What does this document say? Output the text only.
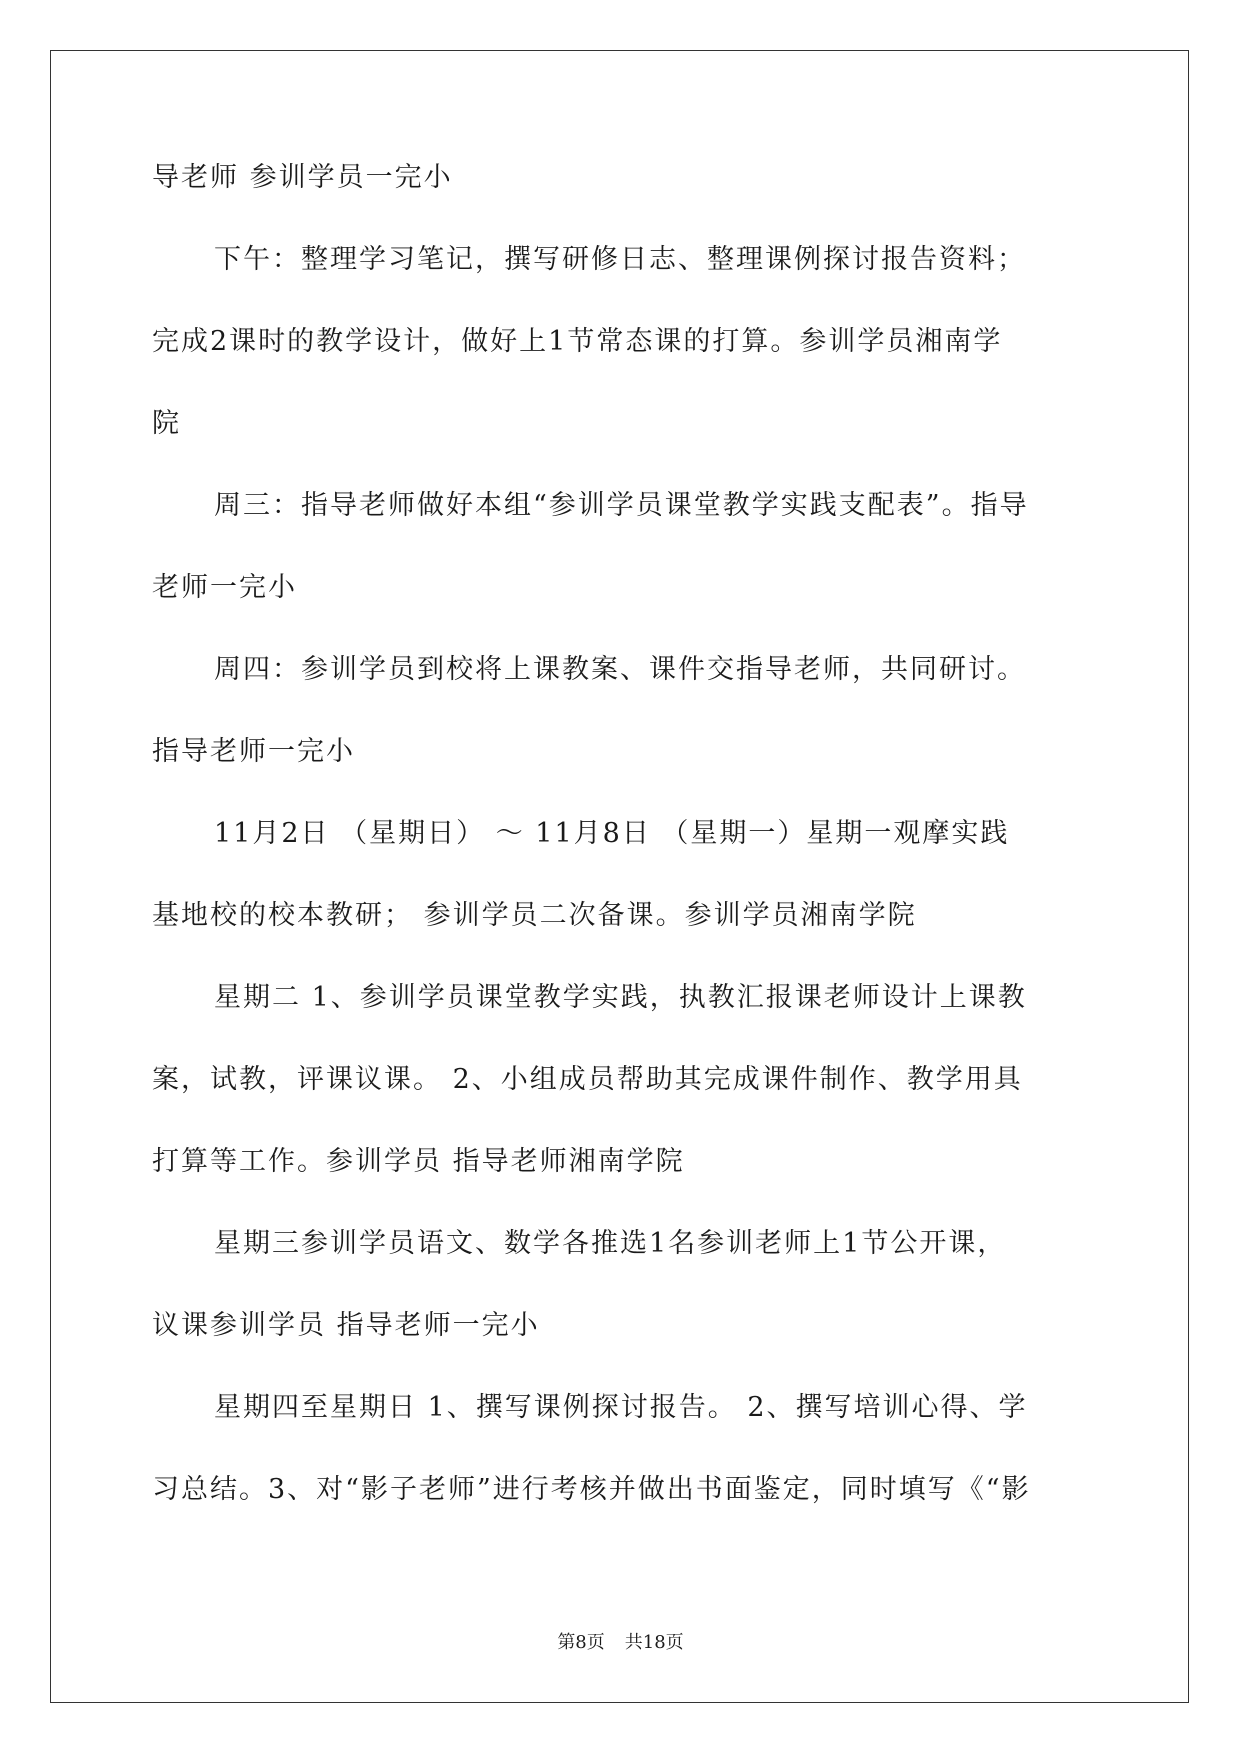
导老师 参训学员一完小
下午：整理学习笔记，撰写研修日志、整理课例探讨报告资料；
完成2课时的教学设计，做好上1节常态课的打算。参训学员湘南学
院
周三：指导老师做好本组“参训学员课堂教学实践支配表”。指导
老师一完小
周四：参训学员到校将上课教案、课件交指导老师，共同研讨。
指导老师一完小
11月2日 （星期日） ～ 11月8日 （星期一）星期一观摩实践
基地校的校本教研； 参训学员二次备课。参训学员湘南学院
星期二 1、参训学员课堂教学实践，执教汇报课老师设计上课教
案，试教，评课议课。 2、小组成员帮助其完成课件制作、教学用具
打算等工作。参训学员 指导老师湘南学院
星期三参训学员语文、数学各推选1名参训老师上1节公开课，
议课参训学员 指导老师一完小
星期四至星期日 1、撰写课例探讨报告。 2、撰写培训心得、学
习总结。3、对“影子老师”进行考核并做出书面鉴定，同时填写《“影
第8页 共18页
